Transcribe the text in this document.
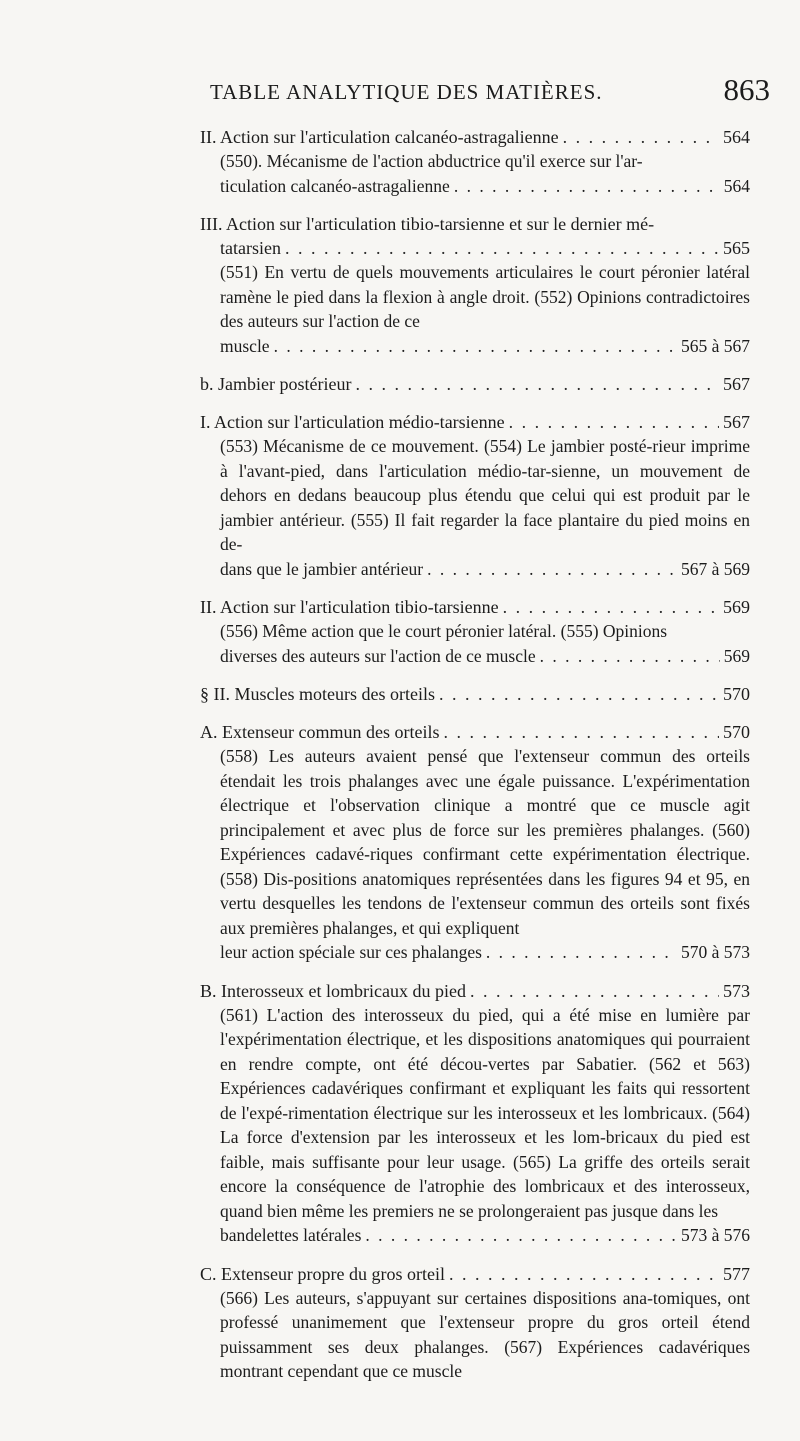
TABLE ANALYTIQUE DES MATIÈRES.	863
II. Action sur l'articulation calcanéo-astragalienne . . .	564
(550). Mécanisme de l'action abductrice qu'il exerce sur l'ar-
ticulation calcanéo-astragalienne . . .	564
III. Action sur l'articulation tibio-tarsienne et sur le dernier mé-
tatarsien . . .	565
(551) En vertu de quels mouvements articulaires le court péronier latéral ramène le pied dans la flexion à angle droit. (552) Opinions contradictoires des auteurs sur l'action de ce
muscle . . .	565 à 567
b. Jambier postérieur . . .	567
I. Action sur l'articulation médio-tarsienne . . .	567
(553) Mécanisme de ce mouvement. (554) Le jambier posté-rieur imprime à l'avant-pied, dans l'articulation médio-tar-sienne, un mouvement de dehors en dedans beaucoup plus étendu que celui qui est produit par le jambier antérieur. (555) Il fait regarder la face plantaire du pied moins en de-
dans que le jambier antérieur . . .	567 à 569
II. Action sur l'articulation tibio-tarsienne . . .	569
(556) Même action que le court péronier latéral. (555) Opinions
diverses des auteurs sur l'action de ce muscle . . .	569
§ II. Muscles moteurs des orteils . . .	570
A. Extenseur commun des orteils . . .	570
(558) Les auteurs avaient pensé que l'extenseur commun des orteils étendait les trois phalanges avec une égale puissance. L'expérimentation électrique et l'observation clinique a montré que ce muscle agit principalement et avec plus de force sur les premières phalanges. (560) Expériences cadavé-riques confirmant cette expérimentation électrique. (558) Dis-positions anatomiques représentées dans les figures 94 et 95, en vertu desquelles les tendons de l'extenseur commun des orteils sont fixés aux premières phalanges, et qui expliquent
leur action spéciale sur ces phalanges . . .	570 à 573
B. Interosseux et lombricaux du pied . . .	573
(561) L'action des interosseux du pied, qui a été mise en lumière par l'expérimentation électrique, et les dispositions anatomiques qui pourraient en rendre compte, ont été décou-vertes par Sabatier. (562 et 563) Expériences cadavériques confirmant et expliquant les faits qui ressortent de l'expé-rimentation électrique sur les interosseux et les lombricaux. (564) La force d'extension par les interosseux et les lom-bricaux du pied est faible, mais suffisante pour leur usage. (565) La griffe des orteils serait encore la conséquence de l'atrophie des lombricaux et des interosseux, quand bien même les premiers ne se prolongeraient pas jusque dans les
bandelettes latérales . . .	573 à 576
C. Extenseur propre du gros orteil . . .	577
(566) Les auteurs, s'appuyant sur certaines dispositions ana-tomiques, ont professé unanimement que l'extenseur propre du gros orteil étend puissamment ses deux phalanges. (567) Expériences cadavériques montrant cependant que ce muscle
